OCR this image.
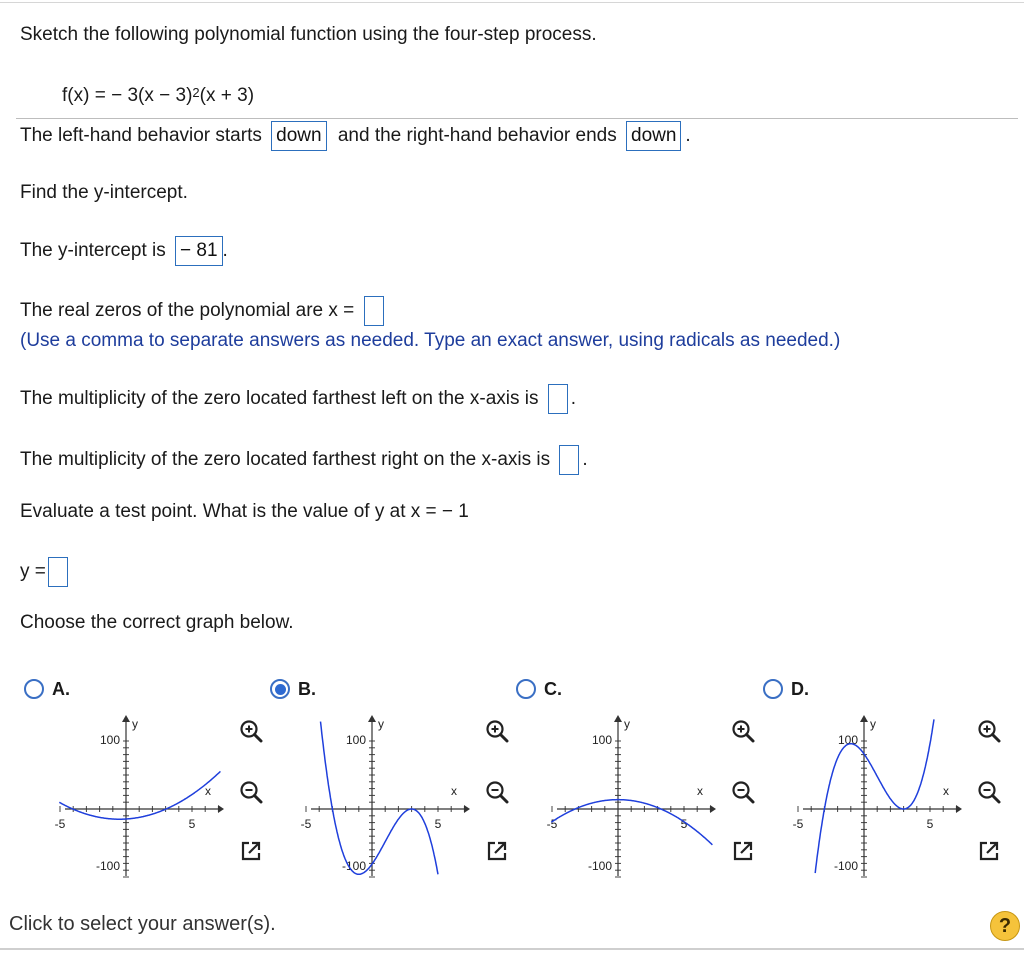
Sketch the following polynomial function using the four-step process.
f(x) = − $3(x - 3)^2(x + 3)$
The left-hand behavior starts down and the right-hand behavior ends down .
Find the y-intercept.
The y-intercept is − 81 .
The real zeros of the polynomial are x =
(Use a comma to separate answers as needed. Type an exact answer, using radicals as needed.)
The multiplicity of the zero located farthest left on the x-axis is .
The multiplicity of the zero located farthest right on the x-axis is .
Evaluate a test point. What is the value of y at x = − 1
y =
Choose the correct graph below.
A.	B.	C.	D.
y
100
-100
x
-5	5
y
100
-100
x
-5	5
y
100
-100
x
-5	5
y
100
-100
x
-5	5
Click to select your answer(s).	?
